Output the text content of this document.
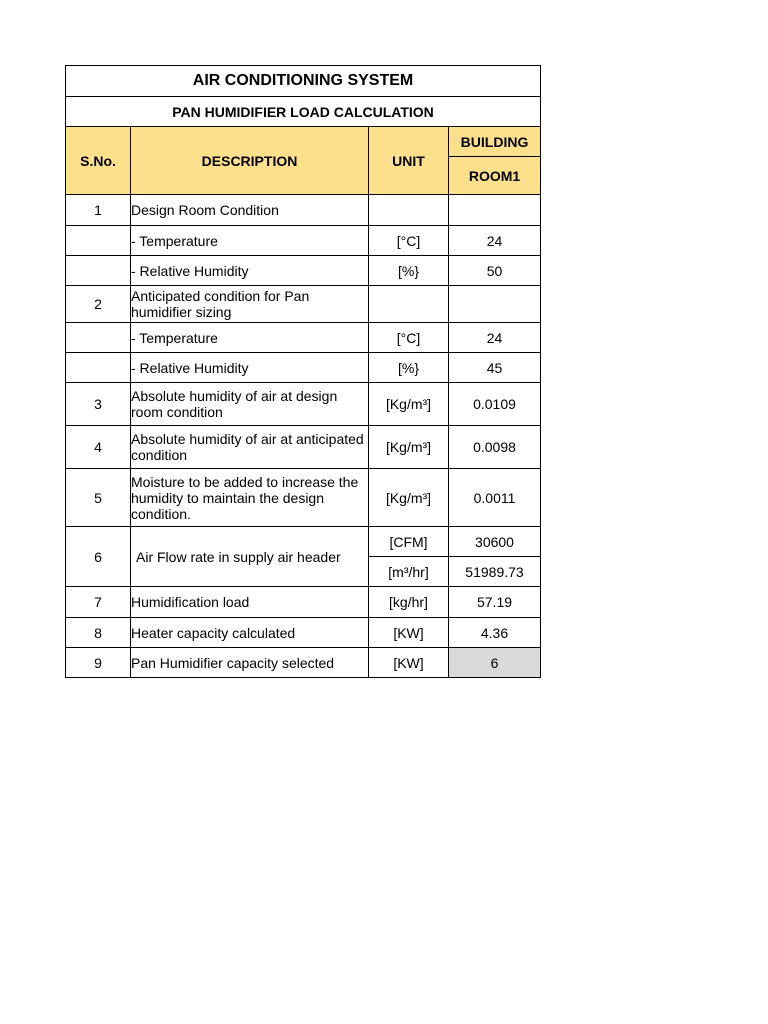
AIR CONDITIONING SYSTEM			
PAN HUMIDIFIER LOAD CALCULATION			
S.No.	DESCRIPTION	UNIT	BUILDING
			ROOM1
1	Design Room Condition		
	- Temperature	[°C]	24
	- Relative Humidity	[%}	50
2	Anticipated condition for Pan humidifier sizing		
	- Temperature	[°C]	24
	- Relative Humidity	[%}	45
3	Absolute humidity of air at design room condition	[Kg/m³]	0.0109
4	Absolute humidity of air at anticipated condition	[Kg/m³]	0.0098
5	Moisture to be added to increase the humidity to maintain the design condition.	[Kg/m³]	0.0011
6	Air Flow rate in supply air header	[CFM]	30600
		[m³/hr]	51989.73
7	Humidification load	[kg/hr]	57.19
8	Heater capacity calculated	[KW]	4.36
9	Pan Humidifier capacity selected	[KW]	6
